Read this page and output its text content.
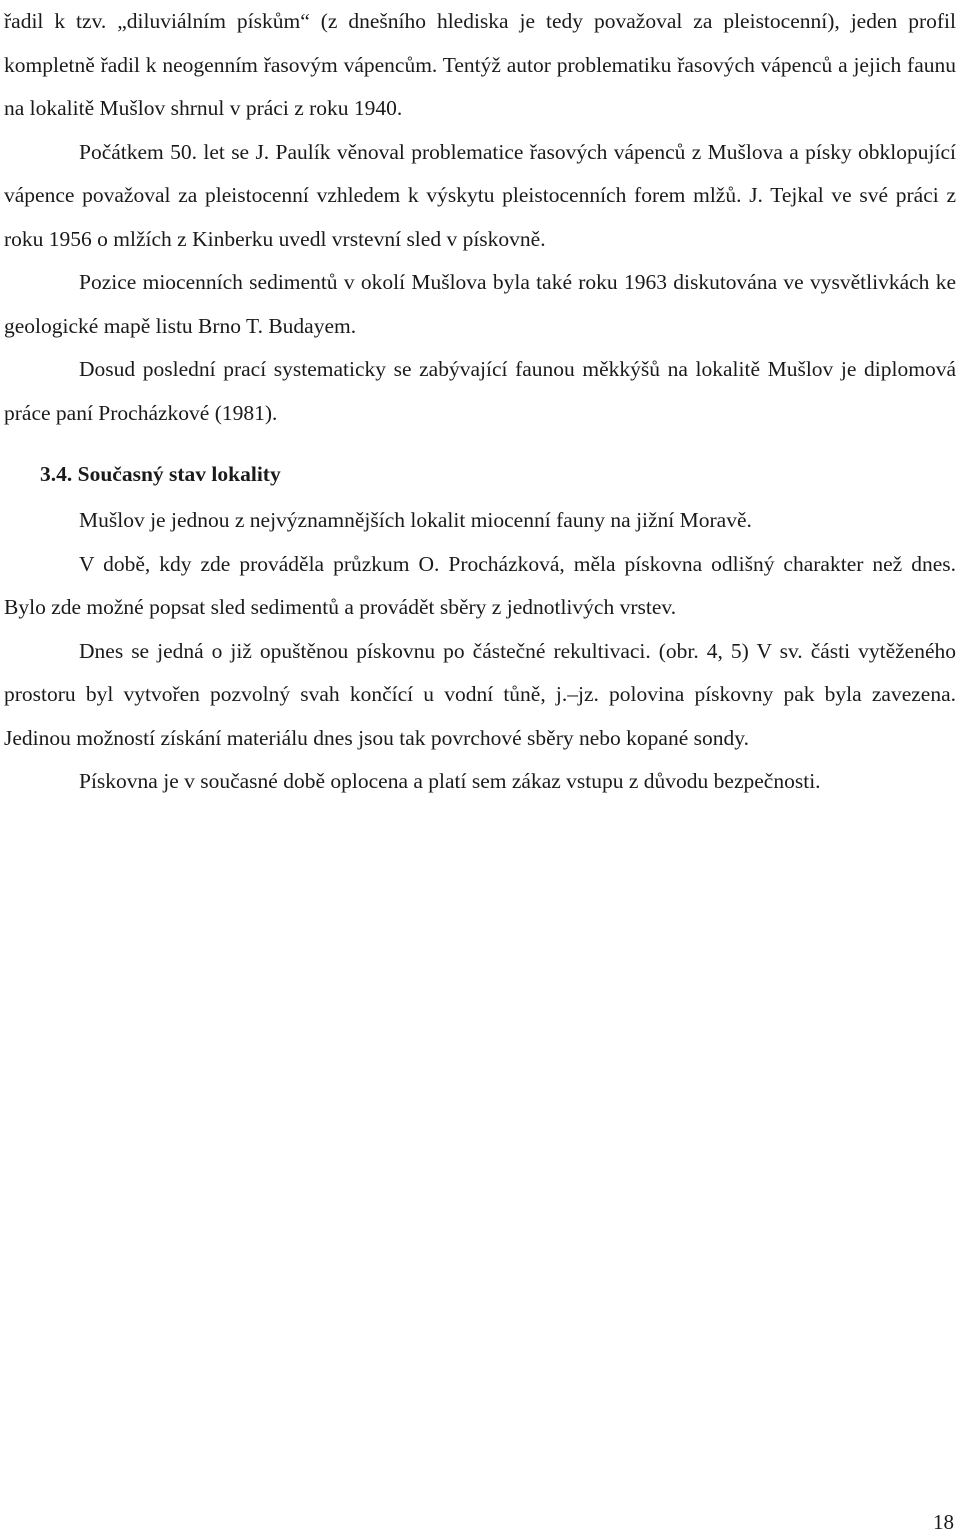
řadil k tzv. „diluviálním pískům“ (z dnešního hlediska je tedy považoval za pleistocenní), jeden profil kompletně řadil k neogenním řasovým vápencům. Tentýž autor problematiku řasových vápenců a jejich faunu na lokalitě Mušlov shrnul v práci z roku 1940.

Počátkem 50. let se J. Paulík věnoval problematice řasových vápenců z Mušlova a písky obklopující vápence považoval za pleistocenní vzhledem k výskytu pleistocenních forem mlžů. J. Tejkal ve své práci z roku 1956 o mlžích z Kinberku uvedl vrstevní sled v pískovně.

Pozice miocenních sedimentů v okolí Mušlova byla také roku 1963 diskutována ve vysvětlivkách ke geologické mapě listu Brno T. Budayem.

Dosud poslední prací systematicky se zabývající faunou měkkýšů na lokalitě Mušlov je diplomová práce paní Procházkové (1981).

3.4. Současný stav lokality

Mušlov je jednou z nejvýznamnějších lokalit miocenní fauny na jižní Moravě.

V době, kdy zde prováděla průzkum O. Procházková, měla pískovna odlišný charakter než dnes. Bylo zde možné popsat sled sedimentů a provádět sběry z jednotlivých vrstev.

Dnes se jedná o již opuštěnou pískovnu po částečné rekultivaci. (obr. 4, 5) V sv. části vytěženého prostoru byl vytvořen pozvolný svah končící u vodní tůně, j.–jz. polovina pískovny pak byla zavezena. Jedinou možností získání materiálu dnes jsou tak povrchové sběry nebo kopané sondy.

Pískovna je v současné době oplocena a platí sem zákaz vstupu z důvodu bezpečnosti.

18
